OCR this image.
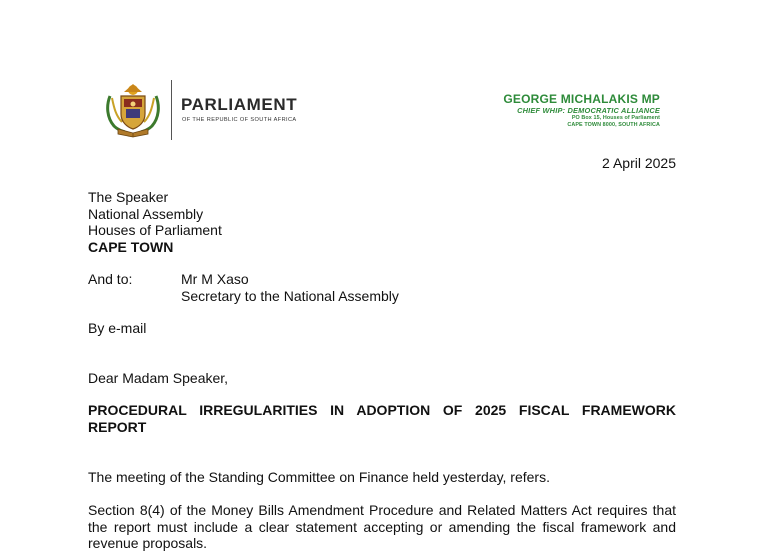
PARLIAMENT
OF THE REPUBLIC OF SOUTH AFRICA
GEORGE MICHALAKIS MP
CHIEF WHIP: DEMOCRATIC ALLIANCE
PO Box 15, Houses of Parliament
CAPE TOWN 8000, SOUTH AFRICA
2 April 2025
The Speaker
National Assembly
Houses of Parliament
CAPE TOWN
And to:	Mr M Xaso
Secretary to the National Assembly
By e-mail
Dear Madam Speaker,
PROCEDURAL IRREGULARITIES IN ADOPTION OF 2025 FISCAL FRAMEWORK
REPORT
The meeting of the Standing Committee on Finance held yesterday, refers.
Section 8(4) of the Money Bills Amendment Procedure and Related Matters Act requires that
the report must include a clear statement accepting or amending the fiscal framework and
revenue proposals.
